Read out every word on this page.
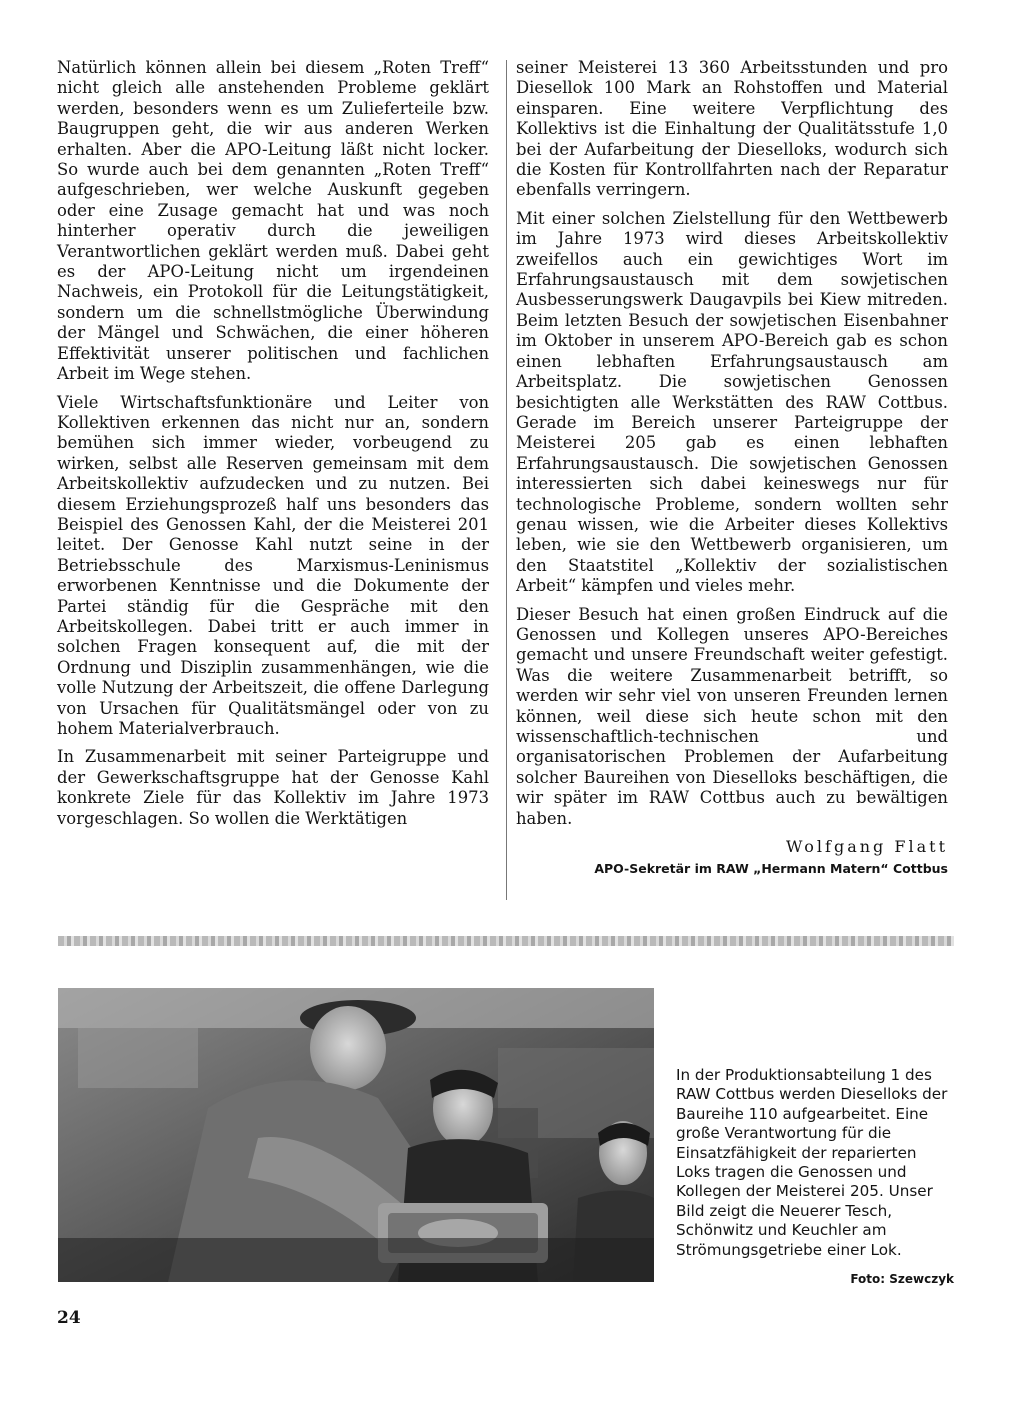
Natürlich können allein bei diesem „Roten Treff“ nicht gleich alle anstehenden Probleme geklärt werden, besonders wenn es um Zulieferteile bzw. Baugruppen geht, die wir aus anderen Werken erhalten. Aber die APO-Leitung läßt nicht locker. So wurde auch bei dem genannten „Roten Treff“ aufgeschrieben, wer welche Auskunft gegeben oder eine Zusage gemacht hat und was noch hinterher operativ durch die jeweiligen Verantwortlichen geklärt werden muß. Dabei geht es der APO-Leitung nicht um irgendeinen Nachweis, ein Protokoll für die Leitungstätigkeit, sondern um die schnellstmögliche Überwindung der Mängel und Schwächen, die einer höheren Effektivität unserer politischen und fachlichen Arbeit im Wege stehen.

Viele Wirtschaftsfunktionäre und Leiter von Kollektiven erkennen das nicht nur an, sondern bemühen sich immer wieder, vorbeugend zu wirken, selbst alle Reserven gemeinsam mit dem Arbeitskollektiv aufzudecken und zu nutzen. Bei diesem Erziehungsprozeß half uns besonders das Beispiel des Genossen Kahl, der die Meisterei 201 leitet. Der Genosse Kahl nutzt seine in der Betriebsschule des Marxismus-Leninismus erworbenen Kenntnisse und die Dokumente der Partei ständig für die Gespräche mit den Arbeitskollegen. Dabei tritt er auch immer in solchen Fragen konsequent auf, die mit der Ordnung und Disziplin zusammenhängen, wie die volle Nutzung der Arbeitszeit, die offene Darlegung von Ursachen für Qualitätsmängel oder von zu hohem Materialverbrauch.

In Zusammenarbeit mit seiner Parteigruppe und der Gewerkschaftsgruppe hat der Genosse Kahl konkrete Ziele für das Kollektiv im Jahre 1973 vorgeschlagen. So wollen die Werktätigen

seiner Meisterei 13 360 Arbeitsstunden und pro Diesellok 100 Mark an Rohstoffen und Material einsparen. Eine weitere Verpflichtung des Kollektivs ist die Einhaltung der Qualitätsstufe 1,0 bei der Aufarbeitung der Dieselloks, wodurch sich die Kosten für Kontrollfahrten nach der Reparatur ebenfalls verringern.

Mit einer solchen Zielstellung für den Wettbewerb im Jahre 1973 wird dieses Arbeitskollektiv zweifellos auch ein gewichtiges Wort im Erfahrungsaustausch mit dem sowjetischen Ausbesserungswerk Daugavpils bei Kiew mitreden. Beim letzten Besuch der sowjetischen Eisenbahner im Oktober in unserem APO-Bereich gab es schon einen lebhaften Erfahrungsaustausch am Arbeitsplatz. Die sowjetischen Genossen besichtigten alle Werkstätten des RAW Cottbus. Gerade im Bereich unserer Parteigruppe der Meisterei 205 gab es einen lebhaften Erfahrungsaustausch. Die sowjetischen Genossen interessierten sich dabei keineswegs nur für technologische Probleme, sondern wollten sehr genau wissen, wie die Arbeiter dieses Kollektivs leben, wie sie den Wettbewerb organisieren, um den Staatstitel „Kollektiv der sozialistischen Arbeit“ kämpfen und vieles mehr.

Dieser Besuch hat einen großen Eindruck auf die Genossen und Kollegen unseres APO-Bereiches gemacht und unsere Freundschaft weiter gefestigt. Was die weitere Zusammenarbeit betrifft, so werden wir sehr viel von unseren Freunden lernen können, weil diese sich heute schon mit den wissenschaftlich-technischen und organisatorischen Problemen der Aufarbeitung solcher Baureihen von Dieselloks beschäftigen, die wir später im RAW Cottbus auch zu bewältigen haben.

Wolfgang Flatt
APO-Sekretär im RAW „Hermann Matern“ Cottbus
In der Produktionsabteilung 1 des RAW Cottbus werden Dieselloks der Baureihe 110 aufgearbeitet. Eine große Verantwortung für die Einsatzfähigkeit der reparierten Loks tragen die Genossen und Kollegen der Meisterei 205. Unser Bild zeigt die Neuerer Tesch, Schönwitz und Keuchler am Strömungsgetriebe einer Lok.
Foto: Szewczyk
24
